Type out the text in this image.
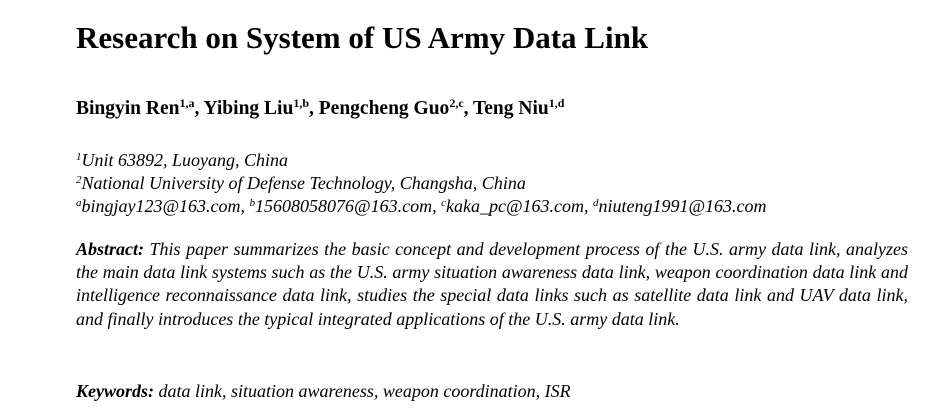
Research on System of US Army Data Link
Bingyin Ren$^{1,a}$, Yibing Liu$^{1,b}$, Pengcheng Guo$^{2,c}$, Teng Niu$^{1,d}$
$^1$Unit 63892, Luoyang, China
$^2$National University of Defense Technology, Changsha, China
$^a$bingjay123@163.com, $^b$15608058076@163.com, $^c$kaka_pc@163.com, $^d$niuteng1991@163.com
Abstract: This paper summarizes the basic concept and development process of the U.S. army data link, analyzes the main data link systems such as the U.S. army situation awareness data link, weapon coordination data link and intelligence reconnaissance data link, studies the special data links such as satellite data link and UAV data link, and finally introduces the typical integrated applications of the U.S. army data link.
Keywords: data link, situation awareness, weapon coordination, ISR
